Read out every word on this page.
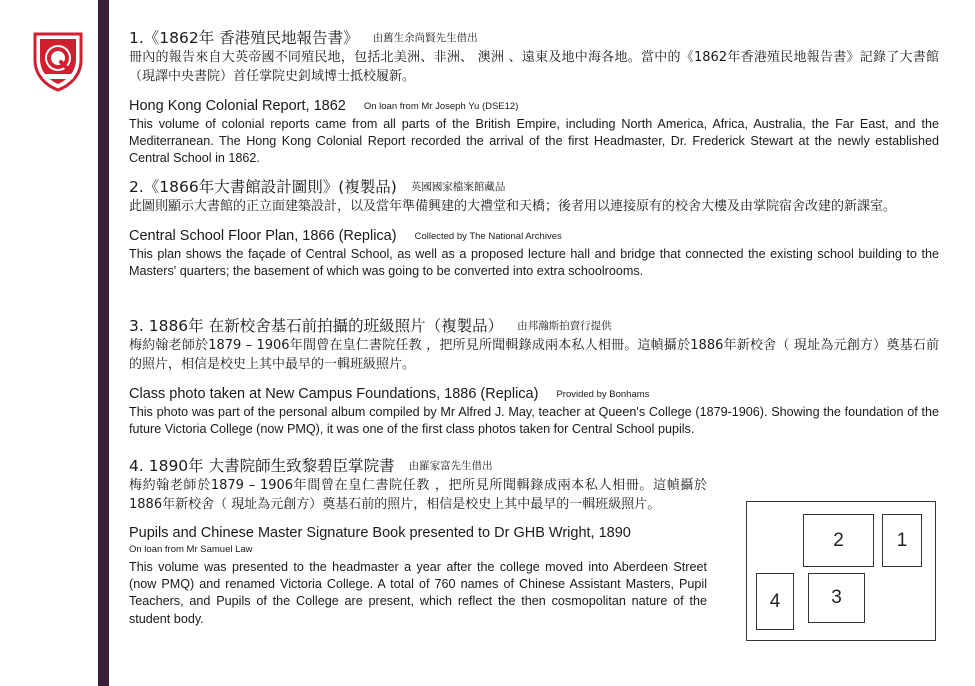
1.《1862年 香港殖民地報告書》 由舊生余尚賢先生借出
冊內的報告來自大英帝國不同殖民地，包括北美洲、非洲、 澳洲 、遠東及地中海各地。當中的《1862年香港殖民地報告書》記錄了大書館（現譯中央書院）首任掌院史釗域博士抵校履新。
Hong Kong Colonial Report, 1862 On loan from Mr Joseph Yu (DSE12)
This volume of colonial reports came from all parts of the British Empire, including North America, Africa, Australia, the Far East, and the Mediterranean. The Hong Kong Colonial Report recorded the arrival of the first Headmaster, Dr. Frederick Stewart at the newly established Central School in 1862.
2.《1866年大書館設計圖則》(複製品) 英國國家檔案館藏品
此圖則顯示大書館的正立面建築設計，以及當年準備興建的大禮堂和天橋；後者用以連接原有的校舍大樓及由掌院宿舍改建的新課室。
Central School Floor Plan, 1866 (Replica) Collected by The National Archives
This plan shows the façade of Central School, as well as a proposed lecture hall and bridge that connected the existing school building to the Masters' quarters; the basement of which was going to be converted into extra schoolrooms.
3. 1886年 在新校舍基石前拍攝的班級照片（複製品） 由邦瀚斯拍賣行提供
梅約翰老師於1879 – 1906年間曾在皇仁書院任教 ，把所見所聞輯錄成兩本私人相冊。這幀攝於1886年新校舍（ 現址為元創方）奠基石前的照片，相信是校史上其中最早的一輯班級照片。
Class photo taken at New Campus Foundations, 1886 (Replica) Provided by Bonhams
This photo was part of the personal album compiled by Mr Alfred J. May, teacher at Queen's College (1879-1906). Showing the foundation of the future Victoria College (now PMQ), it was one of the first class photos taken for Central School pupils.
4. 1890年 大書院師生致黎碧臣掌院書 由羅家富先生借出
梅約翰老師於1879 – 1906年間曾在皇仁書院任教 ，把所見所聞輯錄成兩本私人相冊。這幀攝於1886年新校舍（ 現址為元創方）奠基石前的照片，相信是校史上其中最早的一輯班級照片。
Pupils and Chinese Master Signature Book presented to Dr GHB Wright, 1890
On loan from Mr Samuel Law
This volume was presented to the headmaster a year after the college moved into Aberdeen Street (now PMQ) and renamed Victoria College. A total of 760 names of Chinese Assistant Masters, Pupil Teachers, and Pupils of the College are present, which reflect the then cosmopolitan nature of the student body.
2	1
4	3
